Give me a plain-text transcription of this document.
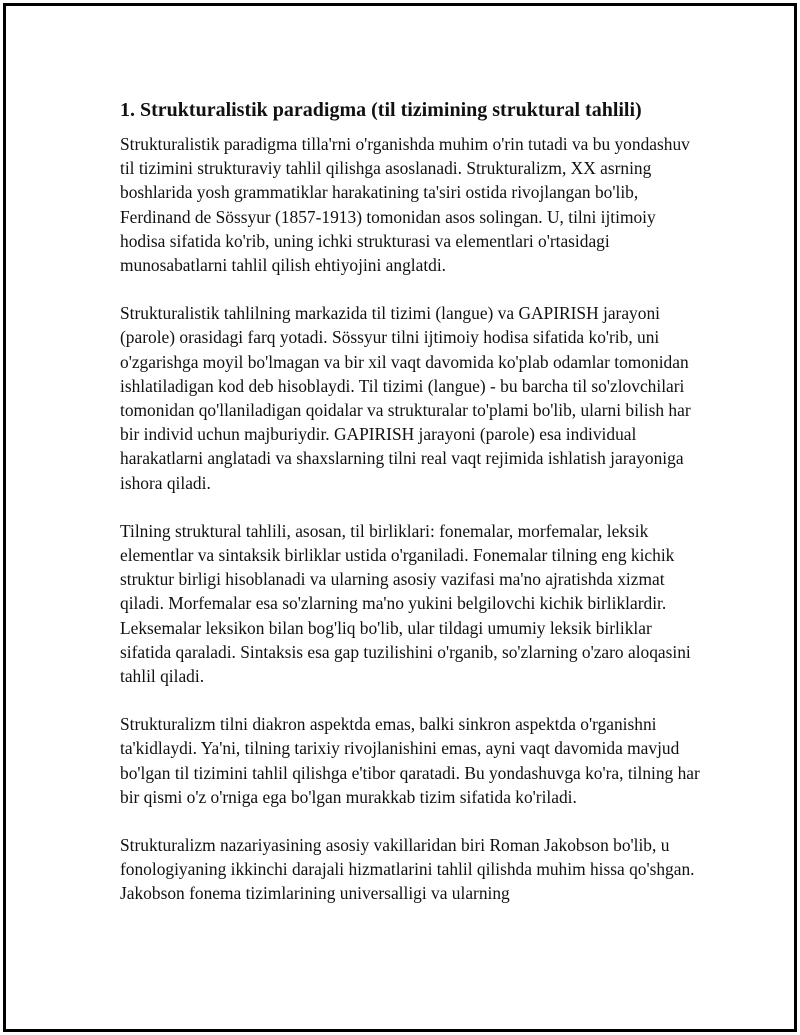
1. Strukturalistik paradigma (til tizimining struktural tahlili)

Strukturalistik paradigma tilla'rni o'rganishda muhim o'rin tutadi va bu yondashuv til tizimini strukturaviy tahlil qilishga asoslanadi. Strukturalizm, XX asrning boshlarida yosh grammatiklar harakatining ta'siri ostida rivojlangan bo'lib, Ferdinand de Sössyur (1857-1913) tomonidan asos solingan. U, tilni ijtimoiy hodisa sifatida ko'rib, uning ichki strukturasi va elementlari o'rtasidagi munosabatlarni tahlil qilish ehtiyojini anglatdi.

Strukturalistik tahlilning markazida til tizimi (langue) va GAPIRISH jarayoni (parole) orasidagi farq yotadi. Sössyur tilni ijtimoiy hodisa sifatida ko'rib, uni o'zgarishga moyil bo'lmagan va bir xil vaqt davomida ko'plab odamlar tomonidan ishlatiladigan kod deb hisoblaydi. Til tizimi (langue) - bu barcha til so'zlovchilari tomonidan qo'llaniladigan qoidalar va strukturalar to'plami bo'lib, ularni bilish har bir individ uchun majburiydir. GAPIRISH jarayoni (parole) esa individual harakatlarni anglatadi va shaxslarning tilni real vaqt rejimida ishlatish jarayoniga ishora qiladi.

Tilning struktural tahlili, asosan, til birliklari: fonemalar, morfemalar, leksik elementlar va sintaksik birliklar ustida o'rganiladi. Fonemalar tilning eng kichik struktur birligi hisoblanadi va ularning asosiy vazifasi ma'no ajratishda xizmat qiladi. Morfemalar esa so'zlarning ma'no yukini belgilovchi kichik birliklardir. Leksemalar leksikon bilan bog'liq bo'lib, ular tildagi umumiy leksik birliklar sifatida qaraladi. Sintaksis esa gap tuzilishini o'rganib, so'zlarning o'zaro aloqasini tahlil qiladi.

Strukturalizm tilni diakron aspektda emas, balki sinkron aspektda o'rganishni ta'kidlaydi. Ya'ni, tilning tarixiy rivojlanishini emas, ayni vaqt davomida mavjud bo'lgan til tizimini tahlil qilishga e'tibor qaratadi. Bu yondashuvga ko'ra, tilning har bir qismi o'z o'rniga ega bo'lgan murakkab tizim sifatida ko'riladi.

Strukturalizm nazariyasining asosiy vakillaridan biri Roman Jakobson bo'lib, u fonologiyaning ikkinchi darajali hizmatlarini tahlil qilishda muhim hissa qo'shgan. Jakobson fonema tizimlarining universalligi va ularning
